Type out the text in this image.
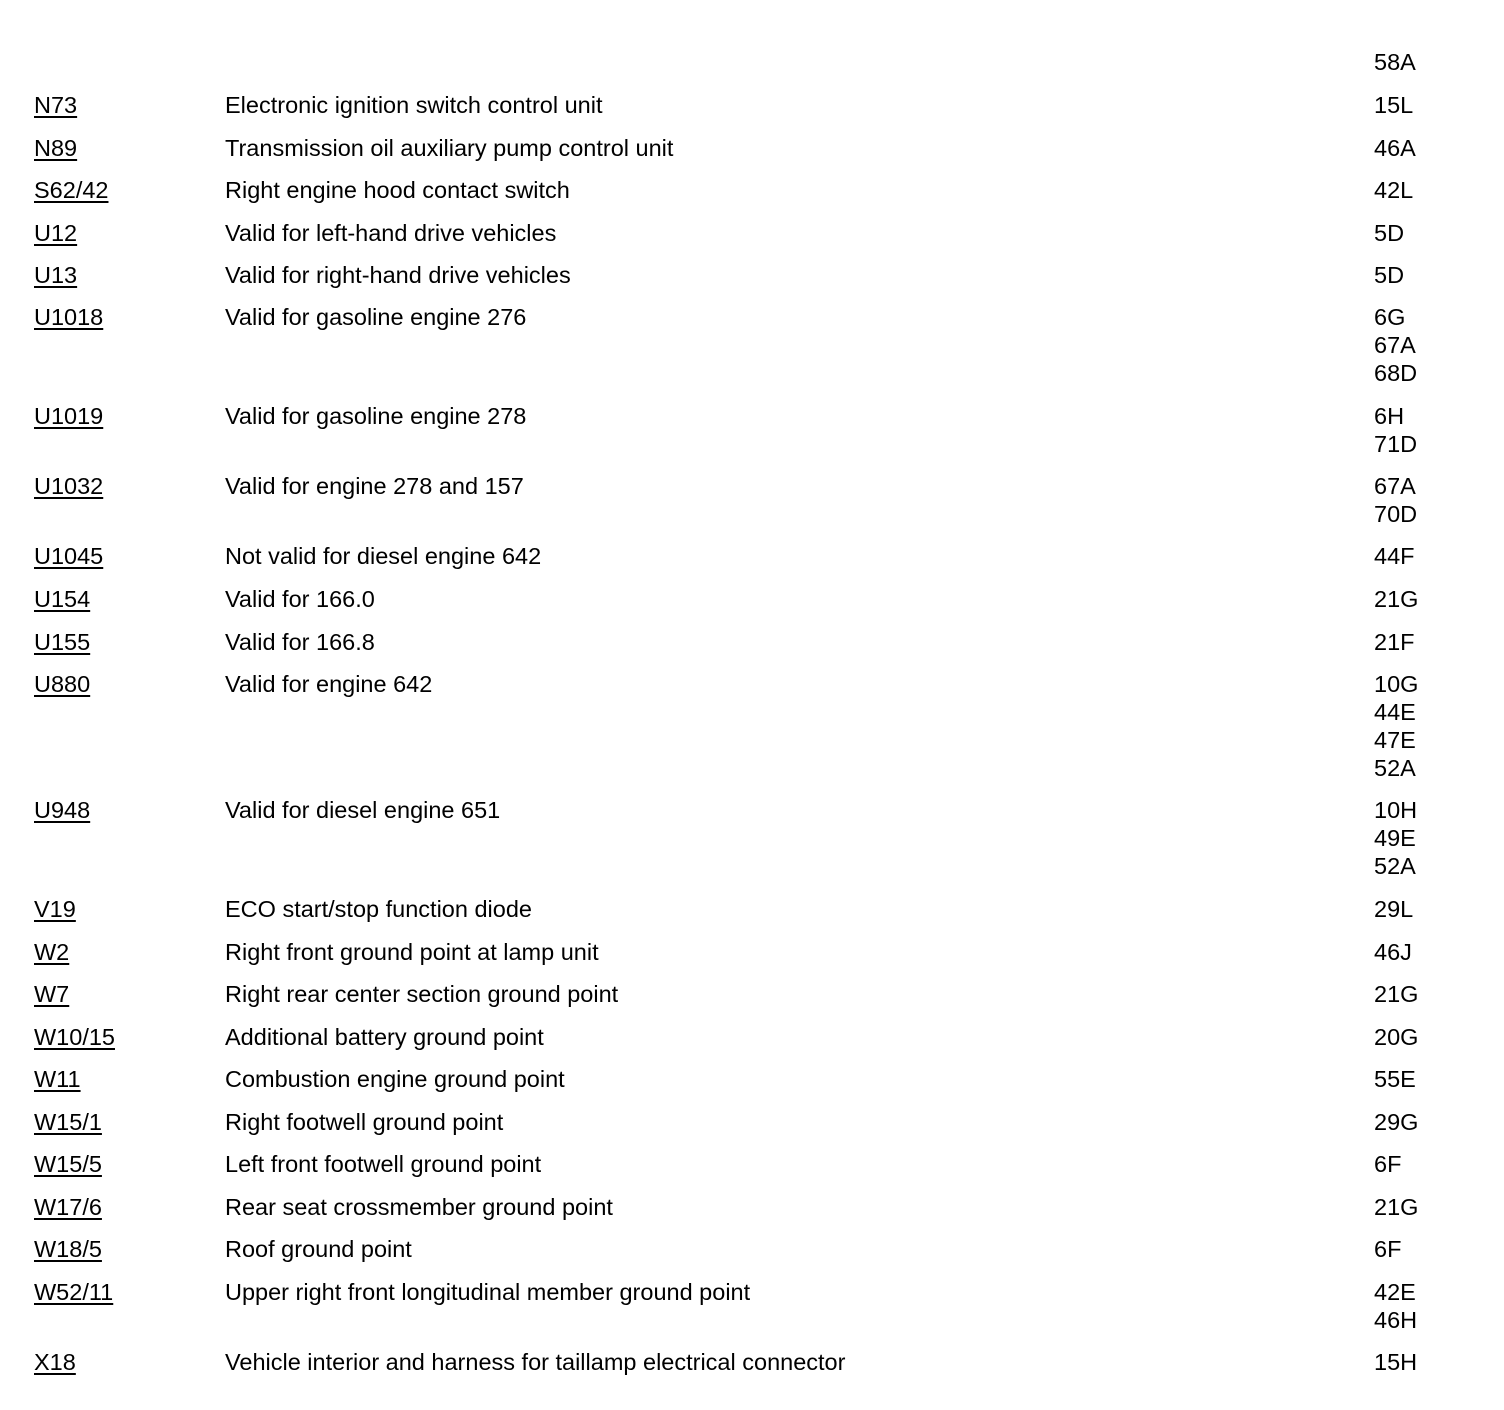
58A
N73	Electronic ignition switch control unit	15L
N89	Transmission oil auxiliary pump control unit	46A
S62/42	Right engine hood contact switch	42L
U12	Valid for left-hand drive vehicles	5D
U13	Valid for right-hand drive vehicles	5D
U1018	Valid for gasoline engine 276	6G
67A
68D
U1019	Valid for gasoline engine 278	6H
71D
U1032	Valid for engine 278 and 157	67A
70D
U1045	Not valid for diesel engine 642	44F
U154	Valid for 166.0	21G
U155	Valid for 166.8	21F
U880	Valid for engine 642	10G
44E
47E
52A
U948	Valid for diesel engine 651	10H
49E
52A
V19	ECO start/stop function diode	29L
W2	Right front ground point at lamp unit	46J
W7	Right rear center section ground point	21G
W10/15	Additional battery ground point	20G
W11	Combustion engine ground point	55E
W15/1	Right footwell ground point	29G
W15/5	Left front footwell ground point	6F
W17/6	Rear seat crossmember ground point	21G
W18/5	Roof ground point	6F
W52/11	Upper right front longitudinal member ground point	42E
46H
X18	Vehicle interior and harness for taillamp electrical connector	15H
